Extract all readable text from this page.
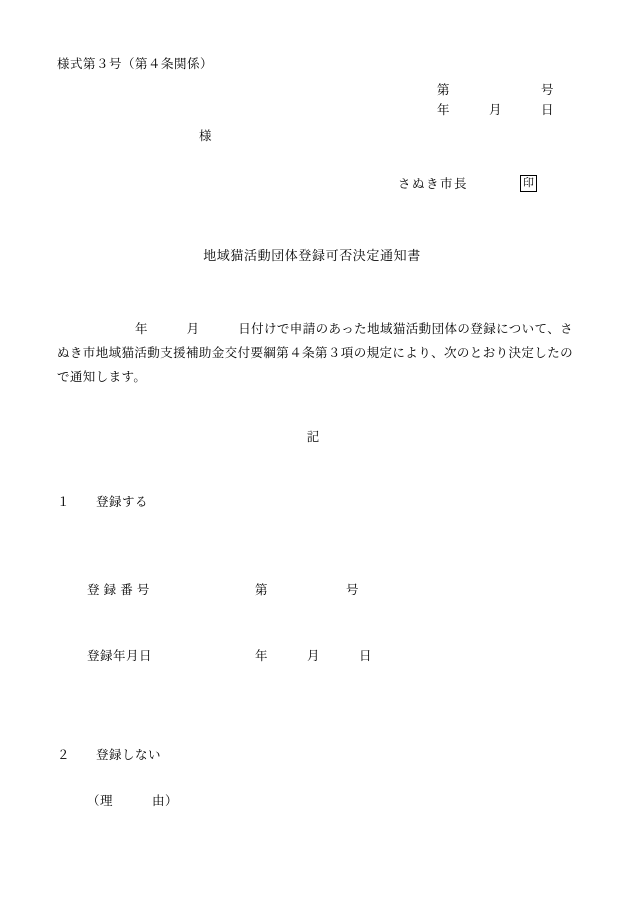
様式第３号（第４条関係）
第　　　　　　　号
年　　　月　　　日
様
さぬき市長	印
地域猫活動団体登録可否決定通知書
年　　　月　　　日付けで申請のあった地域猫活動団体の登録について、さぬき市地域猫活動支援補助金交付要綱第４条第３項の規定により、次のとおり決定したので通知します。
記
１　　 登録する

登 録 番 号	第　　　　　　号

登録年月日	年　　　月　　　日

２　　 登録しない
（理　　　由）
